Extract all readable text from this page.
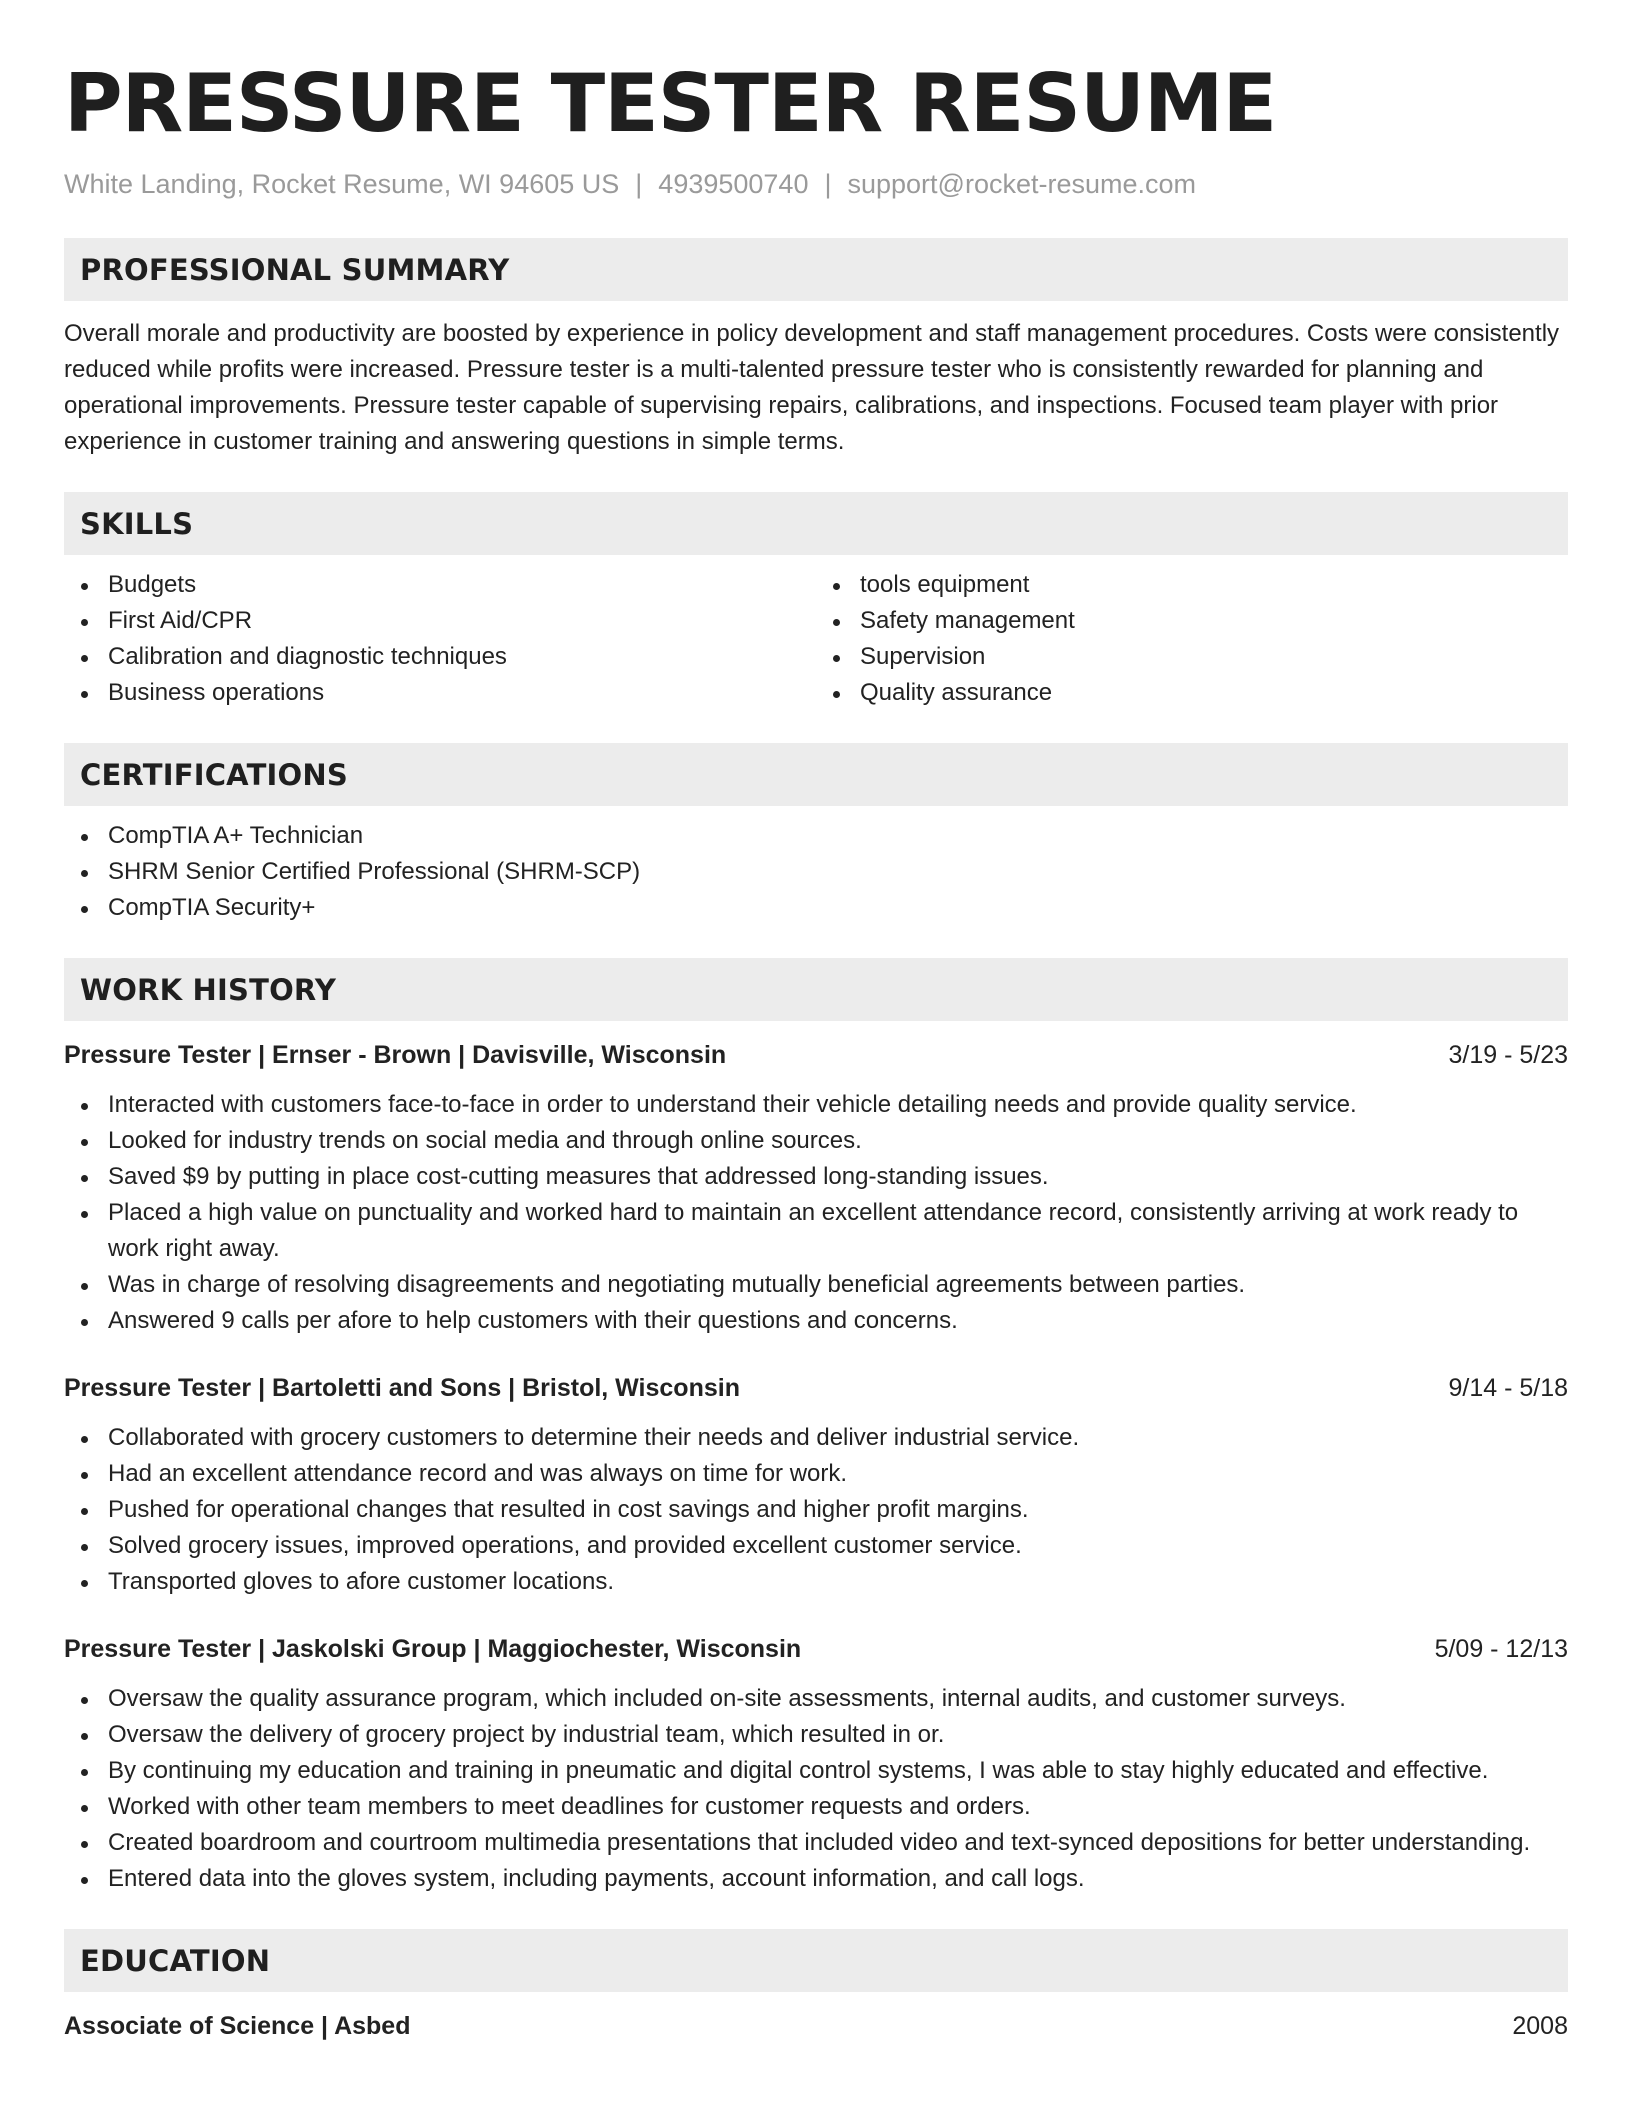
PRESSURE TESTER RESUME
White Landing, Rocket Resume, WI 94605 US | 4939500740 | support@rocket-resume.com
PROFESSIONAL SUMMARY
Overall morale and productivity are boosted by experience in policy development and staff management procedures. Costs were consistently reduced while profits were increased. Pressure tester is a multi-talented pressure tester who is consistently rewarded for planning and operational improvements. Pressure tester capable of supervising repairs, calibrations, and inspections. Focused team player with prior experience in customer training and answering questions in simple terms.
SKILLS
Budgets
First Aid/CPR
Calibration and diagnostic techniques
Business operations
tools equipment
Safety management
Supervision
Quality assurance
CERTIFICATIONS
CompTIA A+ Technician
SHRM Senior Certified Professional (SHRM-SCP)
CompTIA Security+
WORK HISTORY
Pressure Tester | Ernser - Brown | Davisville, Wisconsin	3/19 - 5/23
Interacted with customers face-to-face in order to understand their vehicle detailing needs and provide quality service.
Looked for industry trends on social media and through online sources.
Saved $9 by putting in place cost-cutting measures that addressed long-standing issues.
Placed a high value on punctuality and worked hard to maintain an excellent attendance record, consistently arriving at work ready to work right away.
Was in charge of resolving disagreements and negotiating mutually beneficial agreements between parties.
Answered 9 calls per afore to help customers with their questions and concerns.
Pressure Tester | Bartoletti and Sons | Bristol, Wisconsin	9/14 - 5/18
Collaborated with grocery customers to determine their needs and deliver industrial service.
Had an excellent attendance record and was always on time for work.
Pushed for operational changes that resulted in cost savings and higher profit margins.
Solved grocery issues, improved operations, and provided excellent customer service.
Transported gloves to afore customer locations.
Pressure Tester | Jaskolski Group | Maggiochester, Wisconsin	5/09 - 12/13
Oversaw the quality assurance program, which included on-site assessments, internal audits, and customer surveys.
Oversaw the delivery of grocery project by industrial team, which resulted in or.
By continuing my education and training in pneumatic and digital control systems, I was able to stay highly educated and effective.
Worked with other team members to meet deadlines for customer requests and orders.
Created boardroom and courtroom multimedia presentations that included video and text-synced depositions for better understanding.
Entered data into the gloves system, including payments, account information, and call logs.
EDUCATION
Associate of Science | Asbed	2008
